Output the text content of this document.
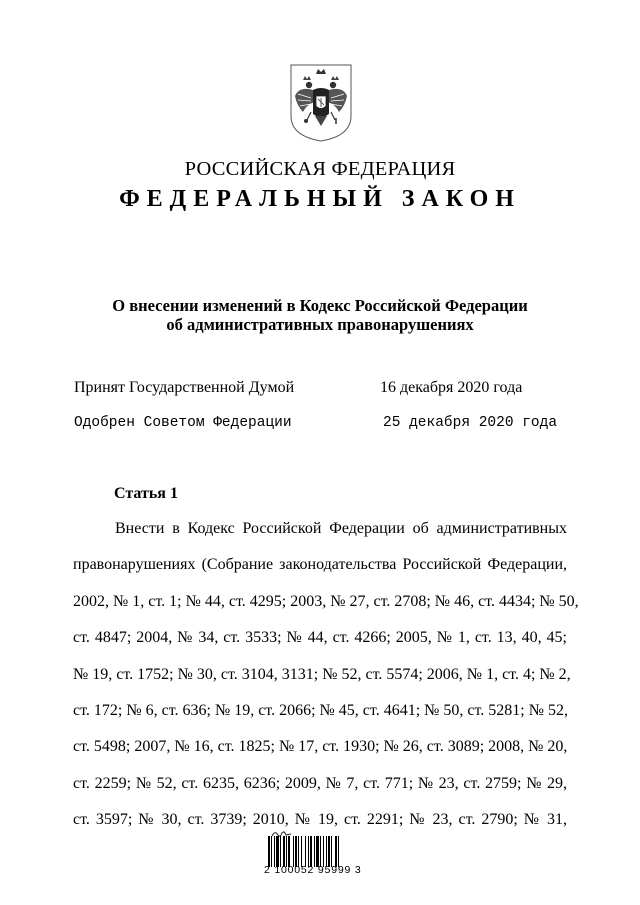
РОССИЙСКАЯ ФЕДЕРАЦИЯ
ФЕДЕРАЛЬНЫЙ ЗАКОН
О внесении изменений в Кодекс Российской Федерации
об административных правонарушениях
Принят Государственной Думой	16 декабря 2020 года
Одобрен Советом Федерации	25 декабря 2020 года
Статья 1
Внести в Кодекс Российской Федерации об административных
правонарушениях (Собрание законодательства Российской Федерации,
2002, № 1, ст. 1; № 44, ст. 4295; 2003, № 27, ст. 2708; № 46, ст. 4434; № 50,
ст. 4847; 2004, № 34, ст. 3533; № 44, ст. 4266; 2005, № 1, ст. 13, 40, 45;
№ 19, ст. 1752; № 30, ст. 3104, 3131; № 52, ст. 5574; 2006, № 1, ст. 4; № 2,
ст. 172; № 6, ст. 636; № 19, ст. 2066; № 45, ст. 4641; № 50, ст. 5281; № 52,
ст. 5498; 2007, № 16, ст. 1825; № 17, ст. 1930; № 26, ст. 3089; 2008, № 20,
ст. 2259; № 52, ст. 6235, 6236; 2009, № 7, ст. 771; № 23, ст. 2759; № 29,
ст. 3597; № 30, ст. 3739; 2010, № 19, ст. 2291; № 23, ст. 2790; № 31,
2 100052 95999 3
